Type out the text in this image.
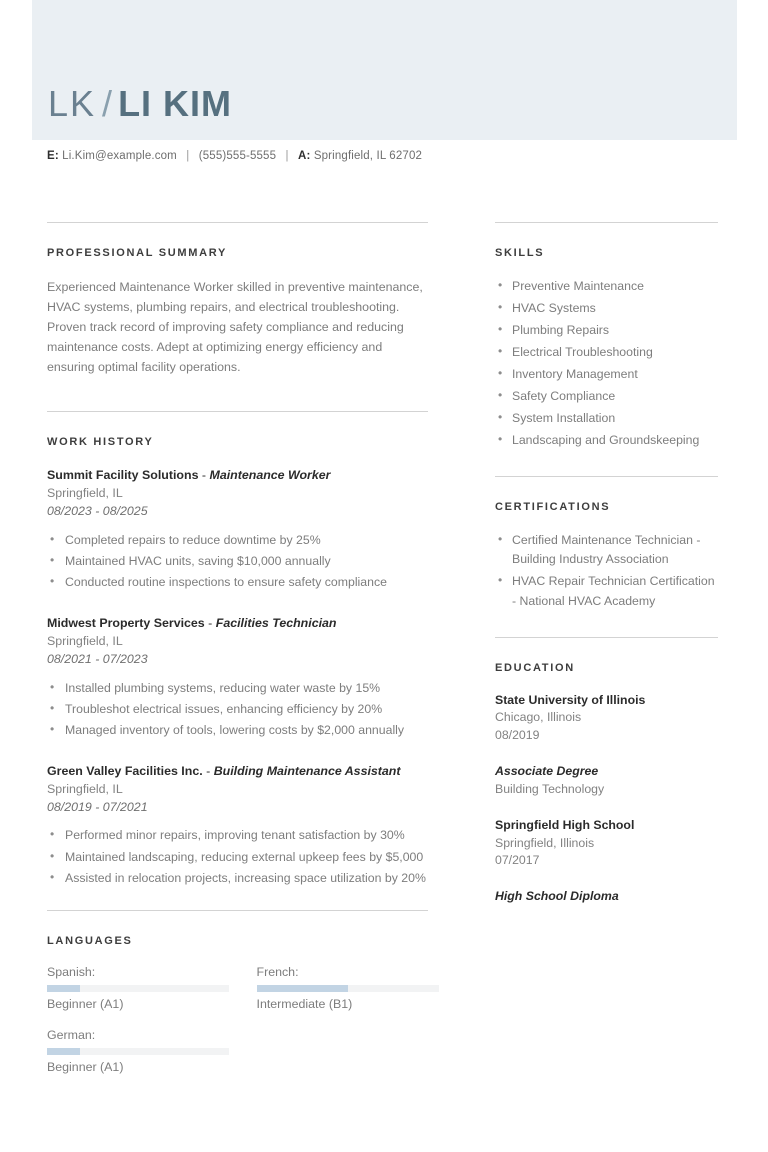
LK / LI KIM
E: Li.Kim@example.com | (555)555-5555 | A: Springfield, IL 62702
PROFESSIONAL SUMMARY
Experienced Maintenance Worker skilled in preventive maintenance, HVAC systems, plumbing repairs, and electrical troubleshooting. Proven track record of improving safety compliance and reducing maintenance costs. Adept at optimizing energy efficiency and ensuring optimal facility operations.
WORK HISTORY
Summit Facility Solutions - Maintenance Worker
Springfield, IL
08/2023 - 08/2025
• Completed repairs to reduce downtime by 25%
• Maintained HVAC units, saving $10,000 annually
• Conducted routine inspections to ensure safety compliance
Midwest Property Services - Facilities Technician
Springfield, IL
08/2021 - 07/2023
• Installed plumbing systems, reducing water waste by 15%
• Troubleshot electrical issues, enhancing efficiency by 20%
• Managed inventory of tools, lowering costs by $2,000 annually
Green Valley Facilities Inc. - Building Maintenance Assistant
Springfield, IL
08/2019 - 07/2021
• Performed minor repairs, improving tenant satisfaction by 30%
• Maintained landscaping, reducing external upkeep fees by $5,000
• Assisted in relocation projects, increasing space utilization by 20%
LANGUAGES
Spanish:
Beginner (A1)
French:
Intermediate (B1)
German:
Beginner (A1)
SKILLS
• Preventive Maintenance
• HVAC Systems
• Plumbing Repairs
• Electrical Troubleshooting
• Inventory Management
• Safety Compliance
• System Installation
• Landscaping and Groundskeeping
CERTIFICATIONS
• Certified Maintenance Technician - Building Industry Association
• HVAC Repair Technician Certification - National HVAC Academy
EDUCATION
State University of Illinois
Chicago, Illinois
08/2019
Associate Degree
Building Technology
Springfield High School
Springfield, Illinois
07/2017
High School Diploma
